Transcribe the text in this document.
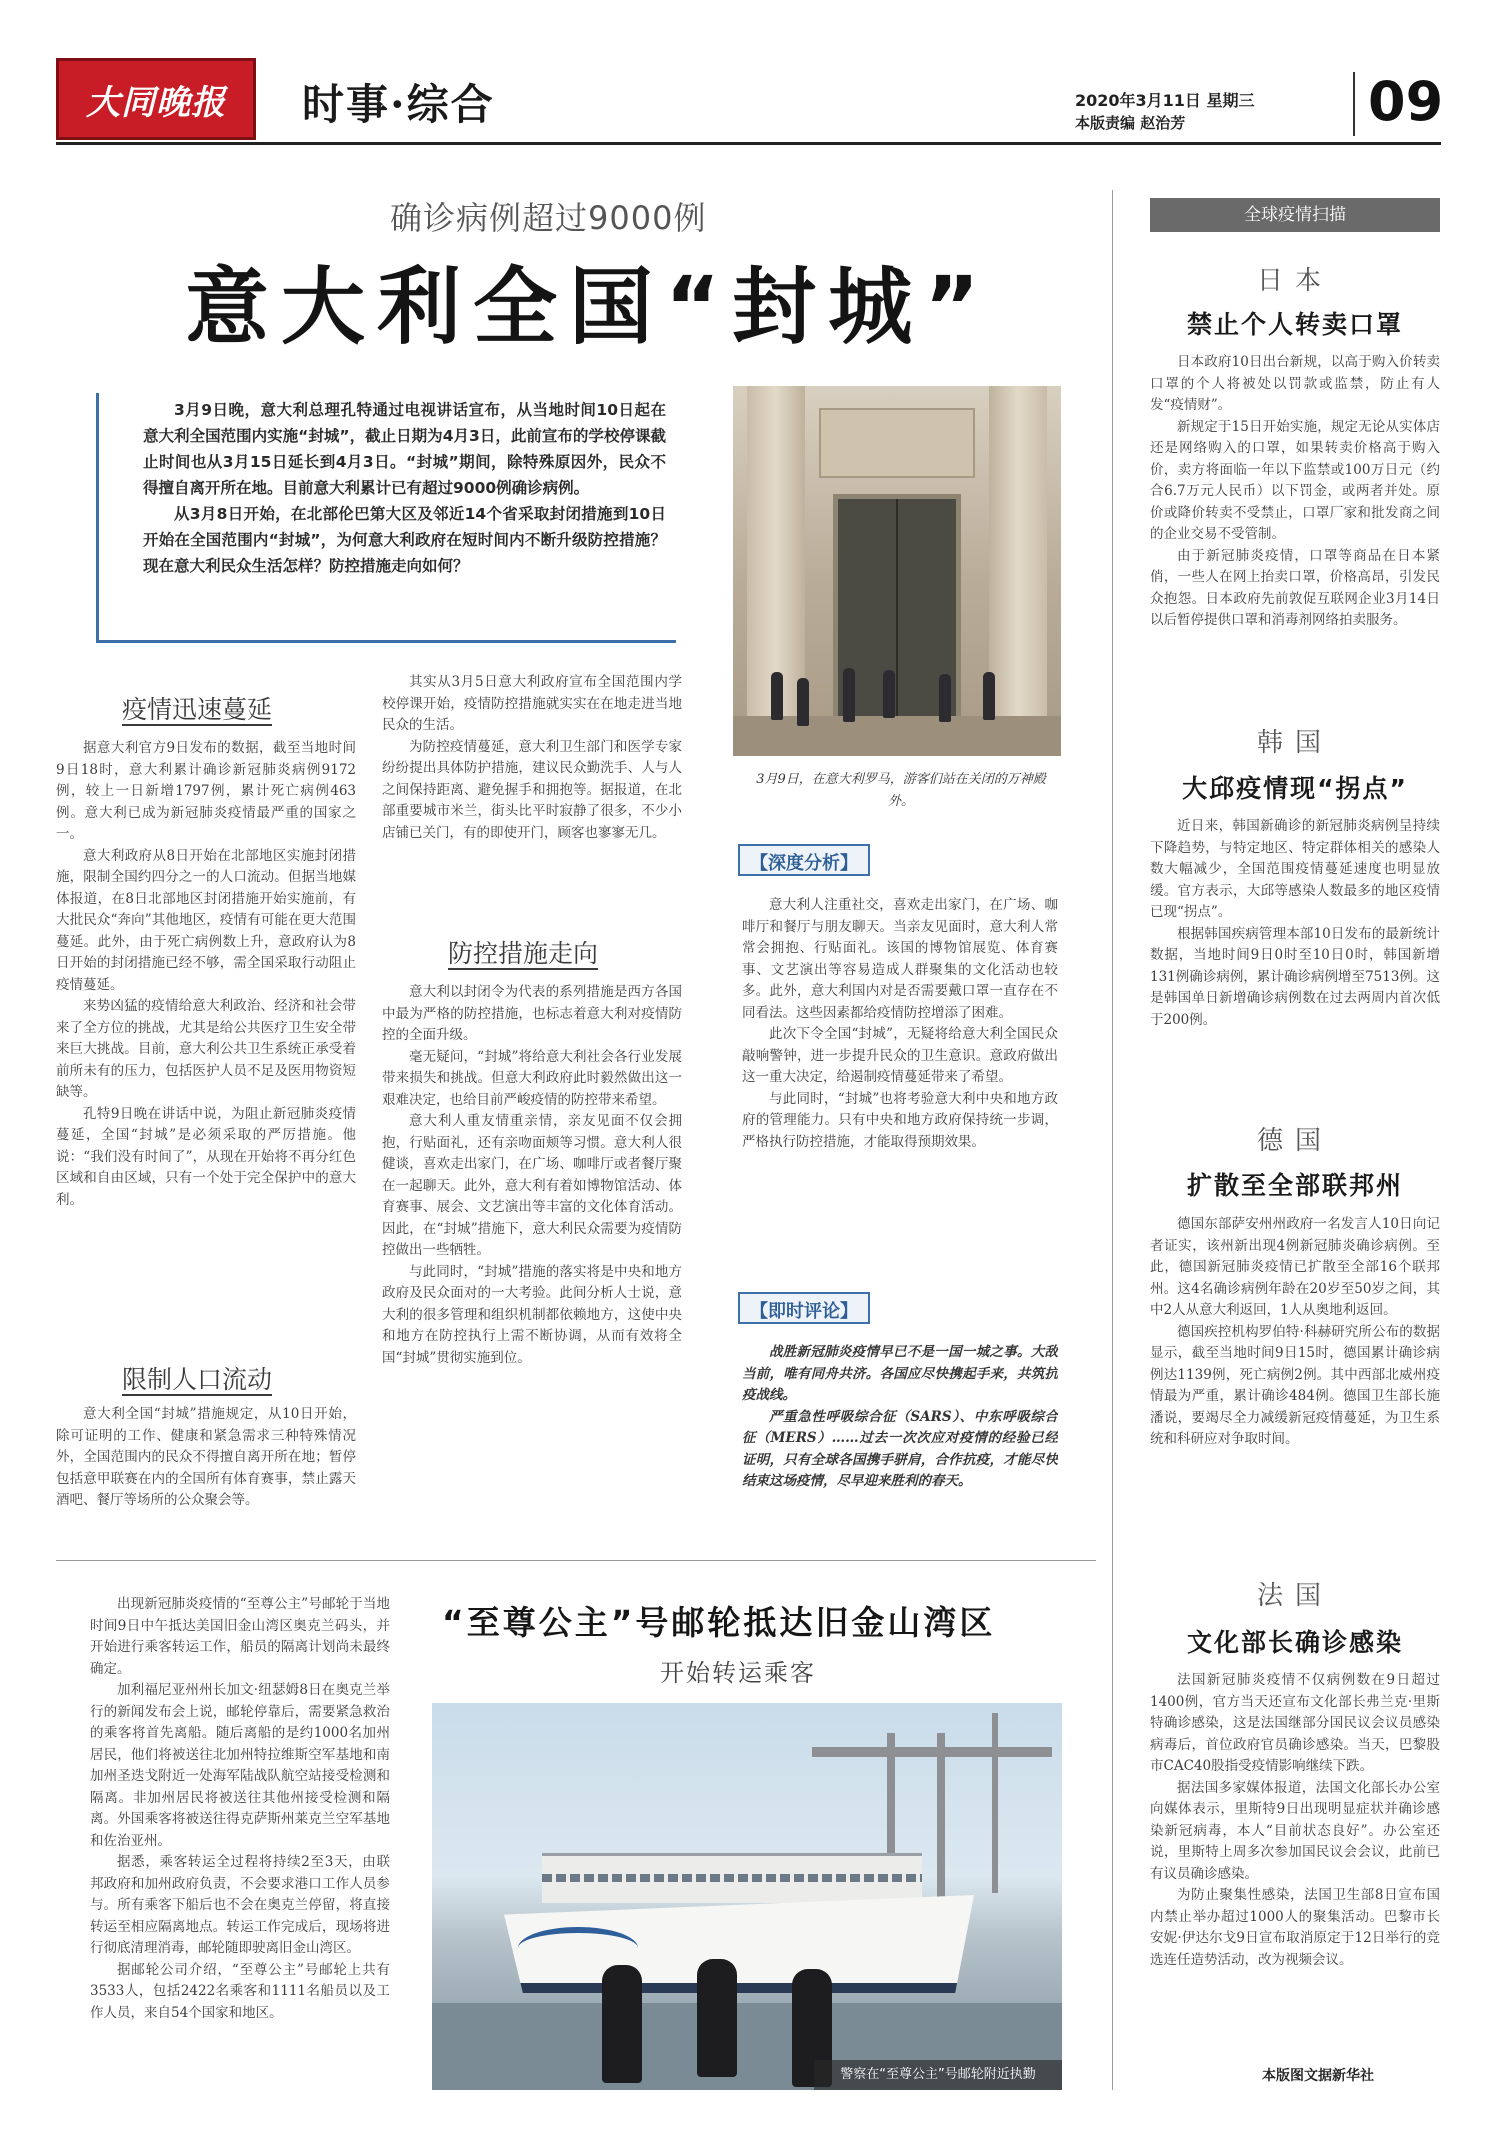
大同晚报 时事·综合	2020年3月11日 星期三
本版责编 赵治芳	09
确诊病例超过9000例
意大利全国“封城”

3月9日晚，意大利总理孔特通过电视讲话宣布，从当地时间10日起在意大利全国范围内实施“封城”，截止日期为4月3日，此前宣布的学校停课截止时间也从3月15日延长到4月3日。“封城”期间，除特殊原因外，民众不得擅自离开所在地。目前意大利累计已有超过9000例确诊病例。

从3月8日开始，在北部伦巴第大区及邻近14个省采取封闭措施到10日开始在全国范围内“封城”，为何意大利政府在短时间内不断升级防控措施？现在意大利民众生活怎样？防控措施走向如何？

3月9日，在意大利罗马，游客们站在关闭的万神殿外。
疫情迅速蔓延

据意大利官方9日发布的数据，截至当地时间9日18时，意大利累计确诊新冠肺炎病例9172例，较上一日新增1797例，累计死亡病例463例。意大利已成为新冠肺炎疫情最严重的国家之一。

意大利政府从8日开始在北部地区实施封闭措施，限制全国约四分之一的人口流动。但据当地媒体报道，在8日北部地区封闭措施开始实施前，有大批民众“奔向”其他地区，疫情有可能在更大范围蔓延。此外，由于死亡病例数上升，意政府认为8日开始的封闭措施已经不够，需全国采取行动阻止疫情蔓延。

来势凶猛的疫情给意大利政治、经济和社会带来了全方位的挑战，尤其是给公共医疗卫生安全带来巨大挑战。目前，意大利公共卫生系统正承受着前所未有的压力，包括医护人员不足及医用物资短缺等。

孔特9日晚在讲话中说，为阻止新冠肺炎疫情蔓延，全国“封城”是必须采取的严厉措施。他说：“我们没有时间了”，从现在开始将不再分红色区域和自由区域，只有一个处于完全保护中的意大利。

限制人口流动

意大利全国“封城”措施规定，从10日开始，除可证明的工作、健康和紧急需求三种特殊情况外，全国范围内的民众不得擅自离开所在地；暂停包括意甲联赛在内的全国所有体育赛事，禁止露天酒吧、餐厅等场所的公众聚会等。

其实从3月5日意大利政府宣布全国范围内学校停课开始，疫情防控措施就实实在在地走进当地民众的生活。

为防控疫情蔓延，意大利卫生部门和医学专家纷纷提出具体防护措施，建议民众勤洗手、人与人之间保持距离、避免握手和拥抱等。据报道，在北部重要城市米兰，街头比平时寂静了很多，不少小店铺已关门，有的即使开门，顾客也寥寥无几。

防控措施走向

意大利以封闭令为代表的系列措施是西方各国中最为严格的防控措施，也标志着意大利对疫情防控的全面升级。

毫无疑问，“封城”将给意大利社会各行业发展带来损失和挑战。但意大利政府此时毅然做出这一艰难决定，也给目前严峻疫情的防控带来希望。

意大利人重友情重亲情，亲友见面不仅会拥抱，行贴面礼，还有亲吻面颊等习惯。意大利人很健谈，喜欢走出家门，在广场、咖啡厅或者餐厅聚在一起聊天。此外，意大利有着如博物馆活动、体育赛事、展会、文艺演出等丰富的文化体育活动。因此，在“封城”措施下，意大利民众需要为疫情防控做出一些牺牲。

与此同时，“封城”措施的落实将是中央和地方政府及民众面对的一大考验。此间分析人士说，意大利的很多管理和组织机制都依赖地方，这使中央和地方在防控执行上需不断协调，从而有效将全国“封城”贯彻实施到位。

【深度分析】

意大利人注重社交，喜欢走出家门，在广场、咖啡厅和餐厅与朋友聊天。当亲友见面时，意大利人常常会拥抱、行贴面礼。该国的博物馆展览、体育赛事、文艺演出等容易造成人群聚集的文化活动也较多。此外，意大利国内对是否需要戴口罩一直存在不同看法。这些因素都给疫情防控增添了困难。

此次下令全国“封城”，无疑将给意大利全国民众敲响警钟，进一步提升民众的卫生意识。意政府做出这一重大决定，给遏制疫情蔓延带来了希望。

与此同时，“封城”也将考验意大利中央和地方政府的管理能力。只有中央和地方政府保持统一步调，严格执行防控措施，才能取得预期效果。

【即时评论】

战胜新冠肺炎疫情早已不是一国一城之事。大敌当前，唯有同舟共济。各国应尽快携起手来，共筑抗疫战线。

严重急性呼吸综合征（SARS）、中东呼吸综合征（MERS）……过去一次次应对疫情的经验已经证明，只有全球各国携手骈肩，合作抗疫，才能尽快结束这场疫情，尽早迎来胜利的春天。

全球疫情扫描
日本
禁止个人转卖口罩

日本政府10日出台新规，以高于购入价转卖口罩的个人将被处以罚款或监禁，防止有人发“疫情财”。

新规定于15日开始实施，规定无论从实体店还是网络购入的口罩，如果转卖价格高于购入价，卖方将面临一年以下监禁或100万日元（约合6.7万元人民币）以下罚金，或两者并处。原价或降价转卖不受禁止，口罩厂家和批发商之间的企业交易不受管制。

由于新冠肺炎疫情，口罩等商品在日本紧俏，一些人在网上抬卖口罩，价格高昂，引发民众抱怨。日本政府先前敦促互联网企业3月14日以后暂停提供口罩和消毒剂网络拍卖服务。

韩国
大邱疫情现“拐点”

近日来，韩国新确诊的新冠肺炎病例呈持续下降趋势，与特定地区、特定群体相关的感染人数大幅减少，全国范围疫情蔓延速度也明显放缓。官方表示，大邱等感染人数最多的地区疫情已现“拐点”。

根据韩国疾病管理本部10日发布的最新统计数据，当地时间9日0时至10日0时，韩国新增131例确诊病例，累计确诊病例增至7513例。这是韩国单日新增确诊病例数在过去两周内首次低于200例。

德国
扩散至全部联邦州

德国东部萨安州州政府一名发言人10日向记者证实，该州新出现4例新冠肺炎确诊病例。至此，德国新冠肺炎疫情已扩散至全部16个联邦州。这4名确诊病例年龄在20岁至50岁之间，其中2人从意大利返回，1人从奥地利返回。

德国疾控机构罗伯特·科赫研究所公布的数据显示，截至当地时间9日15时，德国累计确诊病例达1139例，死亡病例2例。其中西部北威州疫情最为严重，累计确诊484例。德国卫生部长施潘说，要竭尽全力减缓新冠疫情蔓延，为卫生系统和科研应对争取时间。

法国
文化部长确诊感染

法国新冠肺炎疫情不仅病例数在9日超过1400例，官方当天还宣布文化部长弗兰克·里斯特确诊感染，这是法国继部分国民议会议员感染病毒后，首位政府官员确诊感染。当天，巴黎股市CAC40股指受疫情影响继续下跌。

据法国多家媒体报道，法国文化部长办公室向媒体表示，里斯特9日出现明显症状并确诊感染新冠病毒，本人“目前状态良好”。办公室还说，里斯特上周多次参加国民议会会议，此前已有议员确诊感染。

为防止聚集性感染，法国卫生部8日宣布国内禁止举办超过1000人的聚集活动。巴黎市长安妮·伊达尔戈9日宣布取消原定于12日举行的竞选连任造势活动，改为视频会议。

出现新冠肺炎疫情的“至尊公主”号邮轮于当地时间9日中午抵达美国旧金山湾区奥克兰码头，并开始进行乘客转运工作，船员的隔离计划尚未最终确定。

加利福尼亚州州长加文·纽瑟姆8日在奥克兰举行的新闻发布会上说，邮轮停靠后，需要紧急救治的乘客将首先离船。随后离船的是约1000名加州居民，他们将被送往北加州特拉维斯空军基地和南加州圣迭戈附近一处海军陆战队航空站接受检测和隔离。非加州居民将被送往其他州接受检测和隔离。外国乘客将被送往得克萨斯州莱克兰空军基地和佐治亚州。

据悉，乘客转运全过程将持续2至3天，由联邦政府和加州政府负责，不会要求港口工作人员参与。所有乘客下船后也不会在奥克兰停留，将直接转运至相应隔离地点。转运工作完成后，现场将进行彻底清理消毒，邮轮随即驶离旧金山湾区。

据邮轮公司介绍，“至尊公主”号邮轮上共有3533人，包括2422名乘客和1111名船员以及工作人员，来自54个国家和地区。

“至尊公主”号邮轮抵达旧金山湾区
开始转运乘客
警察在“至尊公主”号邮轮附近执勤	本版图文据新华社
